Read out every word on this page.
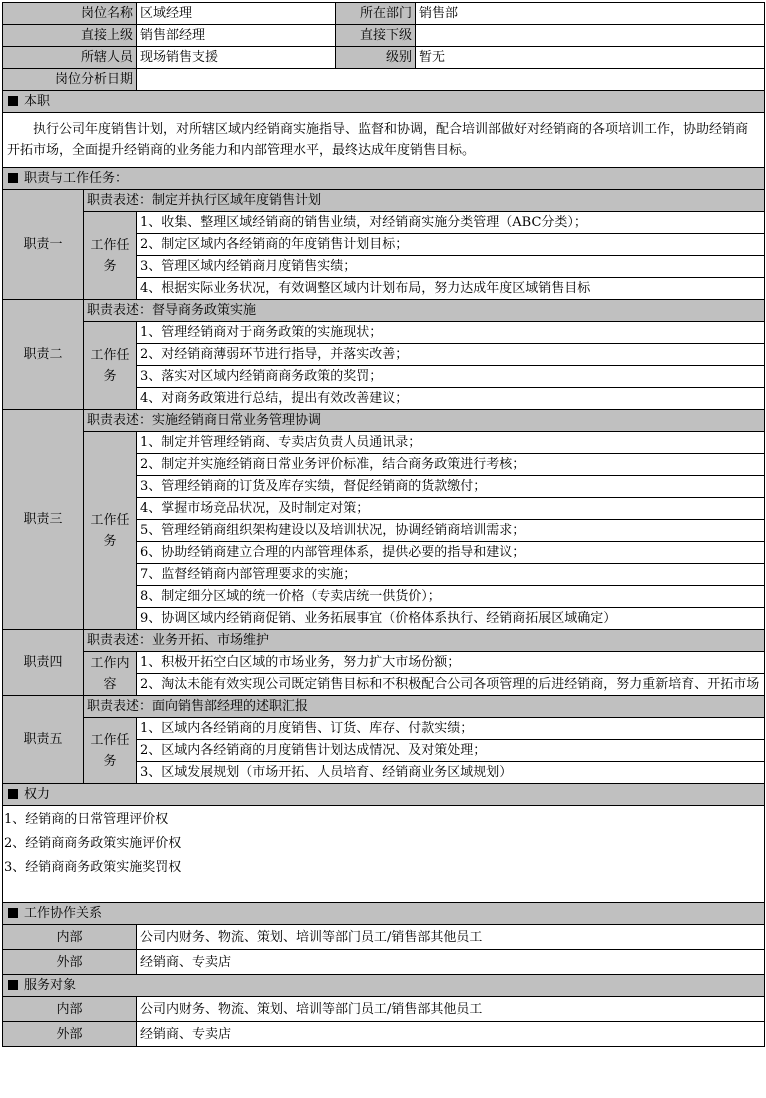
岗位名称		区域经理	所在部门	销售部
直接上级		销售部经理	直接下级	
所辖人员		现场销售支援	级别	暂无
岗位分析日期				
本职				
执行公司年度销售计划，对所辖区域内经销商实施指导、监督和协调，配合培训部做好对经销商的各项培训工作，协助经销商开拓市场，全面提升经销商的业务能力和内部管理水平，最终达成年度销售目标。				
职责与工作任务：				
职责一	职责表述：制定并执行区域年度销售计划			
	工作任务	1、收集、整理区域经销商的销售业绩，对经销商实施分类管理（ABC分类）；		
		2、制定区域内各经销商的年度销售计划目标；		
		3、管理区域内经销商月度销售实绩；		
		4、根据实际业务状况，有效调整区域内计划布局，努力达成年度区域销售目标		
职责二	职责表述：督导商务政策实施			
	工作任务	1、管理经销商对于商务政策的实施现状；		
		2、对经销商薄弱环节进行指导，并落实改善；		
		3、落实对区域内经销商商务政策的奖罚；		
		4、对商务政策进行总结，提出有效改善建议；		
职责三	职责表述：实施经销商日常业务管理协调			
	工作任务	1、制定并管理经销商、专卖店负责人员通讯录；		
		2、制定并实施经销商日常业务评价标准，结合商务政策进行考核；		
		3、管理经销商的订货及库存实绩，督促经销商的货款缴付；		
		4、掌握市场竞品状况，及时制定对策；		
		5、管理经销商组织架构建设以及培训状况，协调经销商培训需求；		
		6、协助经销商建立合理的内部管理体系，提供必要的指导和建议；		
		7、监督经销商内部管理要求的实施；		
		8、制定细分区域的统一价格（专卖店统一供货价）；		
		9、协调区域内经销商促销、业务拓展事宜（价格体系执行、经销商拓展区域确定）		
职责四	职责表述：业务开拓、市场维护			
	工作内容	1、积极开拓空白区域的市场业务，努力扩大市场份额；		
		2、淘汰未能有效实现公司既定销售目标和不积极配合公司各项管理的后进经销商，努力重新培育、开拓市场		
职责五	职责表述：面向销售部经理的述职汇报			
	工作任务	1、区域内各经销商的月度销售、订货、库存、付款实绩；		
		2、区域内各经销商的月度销售计划达成情况、及对策处理；		
		3、区域发展规划（市场开拓、人员培育、经销商业务区域规划）		
权力				

1、经销商的日常管理评价权
2、经销商商务政策实施评价权
3、经销商商务政策实施奖罚权				

工作协作关系				
内部		公司内财务、物流、策划、培训等部门员工/销售部其他员工		
外部		经销商、专卖店		
服务对象				
内部		公司内财务、物流、策划、培训等部门员工/销售部其他员工		
外部		经销商、专卖店		
